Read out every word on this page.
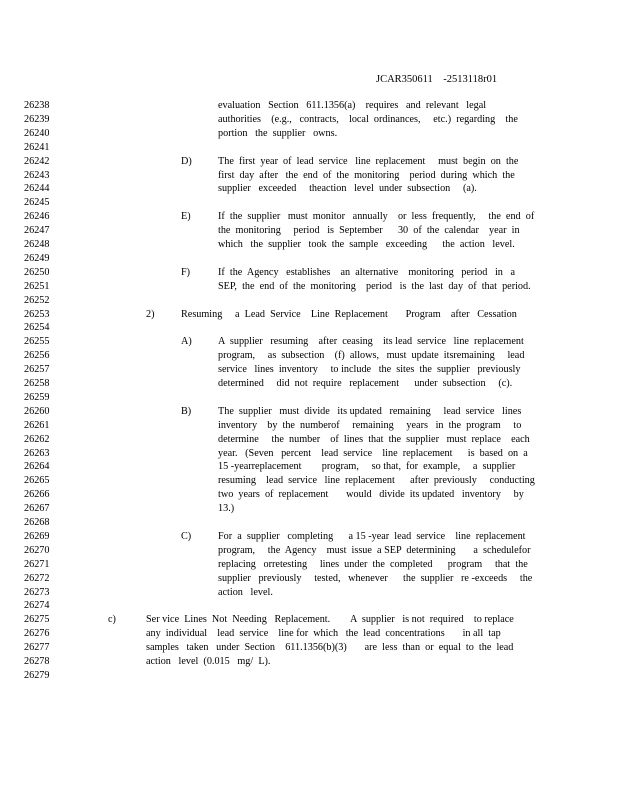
JCAR350611    -2513118r01
26238	evaluation   Section   611.1356(a)    requires   and  relevant   legal
26239	authorities    (e.g.,   contracts,    local  ordinances,     etc.)  regarding    the
26240	portion   the  supplier   owns.
26241
26242	D)	The  first  year  of  lead  service   line  replacement     must  begin  on  the
26243	first  day  after   the  end  of  the  monitoring    period  during  which  the
26244	supplier   exceeded     theaction   level  under  subsection     (a).
26245
26246	E)	If  the  supplier   must  monitor   annually    or  less  frequently,     the  end  of
26247	the  monitoring     period   is  September      30  of  the  calendar    year  in
26248	which   the  supplier   took  the  sample   exceeding      the  action   level.
26249
26250	F)	If  the  Agency   establishes    an  alternative    monitoring   period   in   a
26251	SEP,  the  end  of  the  monitoring    period   is  the  last  day  of  that  period.
26252
26253	2)	Resuming     a  Lead  Service    Line  Replacement       Program    after   Cessation
26254
26255	A)	A  supplier   resuming    after  ceasing    its lead  service   line  replacement
26256	program,     as  subsection    (f)  allows,   must  update  itsremaining     lead
26257	service   lines  inventory     to include   the  sites  the  supplier   previously
26258	determined     did  not  require   replacement      under  subsection     (c).
26259
26260	B)	The  supplier   must  divide   its updated   remaining     lead  service   lines
26261	inventory    by  the  numberof     remaining     years   in  the  program     to
26262	determine     the  number    of  lines  that  the  supplier   must  replace    each
26263	year.   (Seven   percent    lead  service    line  replacement      is  based  on  a
26264	15 -yearreplacement        program,     so that,  for  example,     a  supplier
26265	resuming    lead  service   line  replacement      after  previously     conducting
26266	two  years  of  replacement       would   divide  its updated   inventory     by
26267	13.)
26268
26269	C)	For  a  supplier   completing      a 15 -year  lead  service    line  replacement
26270	program,     the  Agency    must  issue  a SEP  determining       a  schedulefor
26271	replacing   orretesting     lines  under  the  completed      program     that  the
26272	supplier   previously     tested,   whenever      the  supplier   re -exceeds     the
26273	action   level.
26274
26275	c)	Ser vice  Lines  Not  Needing   Replacement.        A  supplier   is not  required    to replace
26276	any  individual    lead  service    line for  which   the  lead  concentrations       in all  tap
26277	samples   taken   under  Section    611.1356(b)(3)       are  less  than  or  equal  to  the  lead
26278	action   level  (0.015   mg/  L).
26279
